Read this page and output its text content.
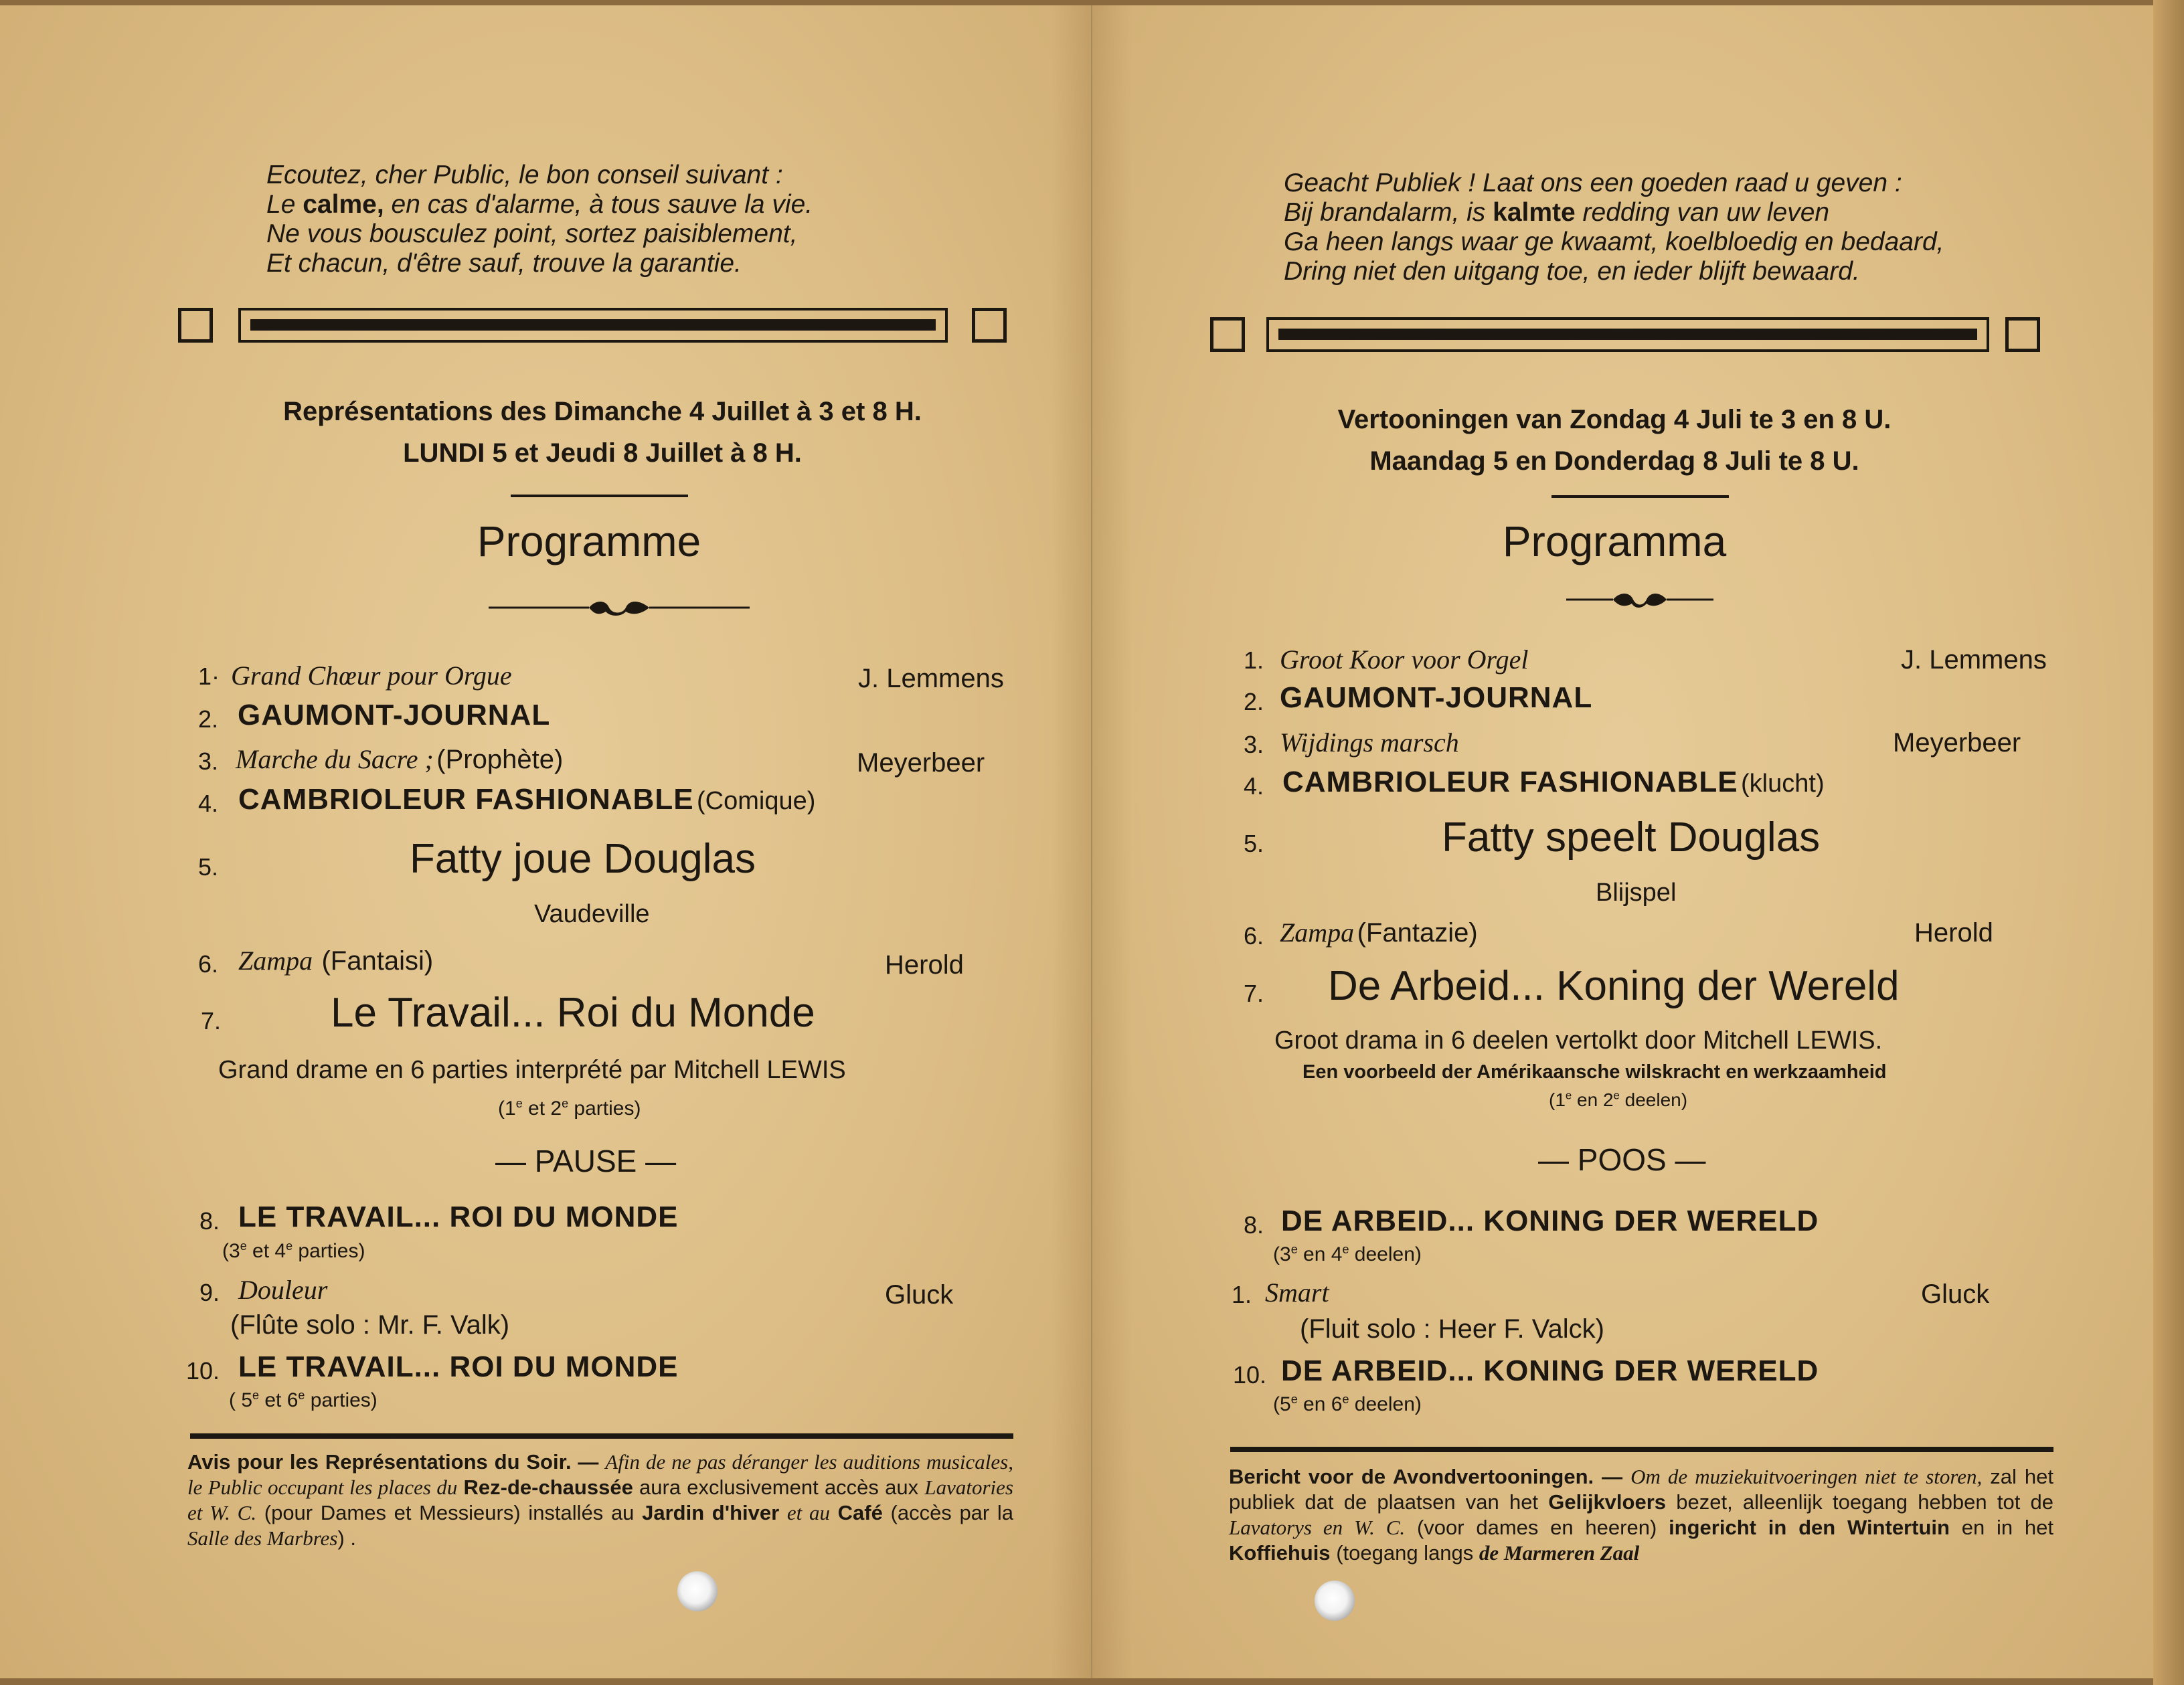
Ecoutez, cher Public, le bon conseil suivant :
Le calme, en cas d'alarme, à tous sauve la vie.
Ne vous bousculez point, sortez paisiblement,
Et chacun, d'être sauf, trouve la garantie.
Représentations des Dimanche 4 Juillet à 3 et 8 H.
LUNDI 5 et Jeudi 8 Juillet à 8 H.
Programme
1· Grand Chœur pour Orgue	J. Lemmens
2. GAUMONT-JOURNAL
3. Marche du Sacre ; (Prophète)	Meyerbeer
4. CAMBRIOLEUR FASHIONABLE (Comique)
5.	Fatty joue Douglas
Vaudeville
6. Zampa (Fantaisi)	Herold
7.	Le Travail... Roi du Monde
Grand drame en 6 parties interprété par Mitchell LEWIS
(1e et 2e parties)
— PAUSE —
8. LE TRAVAIL... ROI DU MONDE
(3e et 4e parties)
9. Douleur	Gluck
(Flûte solo : Mr. F. Valk)
10. LE TRAVAIL... ROI DU MONDE
( 5e et 6e parties)
Avis pour les Représentations du Soir. — Afin de ne pas déranger les auditions musicales, le Public occupant les places du Rez-de-chaussée aura exclusivement accès aux Lavatories et W. C. (pour Dames et Messieurs) installés au Jardin d'hiver et au Café (accès par la Salle des Marbres) .
Geacht Publiek ! Laat ons een goeden raad u geven :
Bij brandalarm, is kalmte redding van uw leven
Ga heen langs waar ge kwaamt, koelbloedig en bedaard,
Dring niet den uitgang toe, en ieder blijft bewaard.
Vertooningen van Zondag 4 Juli te 3 en 8 U.
Maandag 5 en Donderdag 8 Juli te 8 U.
Programma
1. Groot Koor voor Orgel	J. Lemmens
2. GAUMONT-JOURNAL
3. Wijdings marsch	Meyerbeer
4. CAMBRIOLEUR FASHIONABLE (klucht)
5.	Fatty speelt Douglas
Blijspel
6. Zampa (Fantazie)	Herold
7. De Arbeid... Koning der Wereld
Groot drama in 6 deelen vertolkt door Mitchell LEWIS.
Een voorbeeld der Amérikaansche wilskracht en werkzaamheid
(1e en 2e deelen)
— POOS —
8. DE ARBEID... KONING DER WERELD
(3e en 4e deelen)
1. Smart	Gluck
(Fluit solo : Heer F. Valck)
10. DE ARBEID... KONING DER WERELD
(5e en 6e deelen)
Bericht voor de Avondvertooningen. — Om de muziekuitvoeringen niet te storen, zal het publiek dat de plaatsen van het Gelijkvloers bezet, alleenlijk toegang hebben tot de Lavatorys en W. C. (voor dames en heeren) ingericht in den Wintertuin en in het Koffiehuis (toegang langs de Marmeren Zaal
